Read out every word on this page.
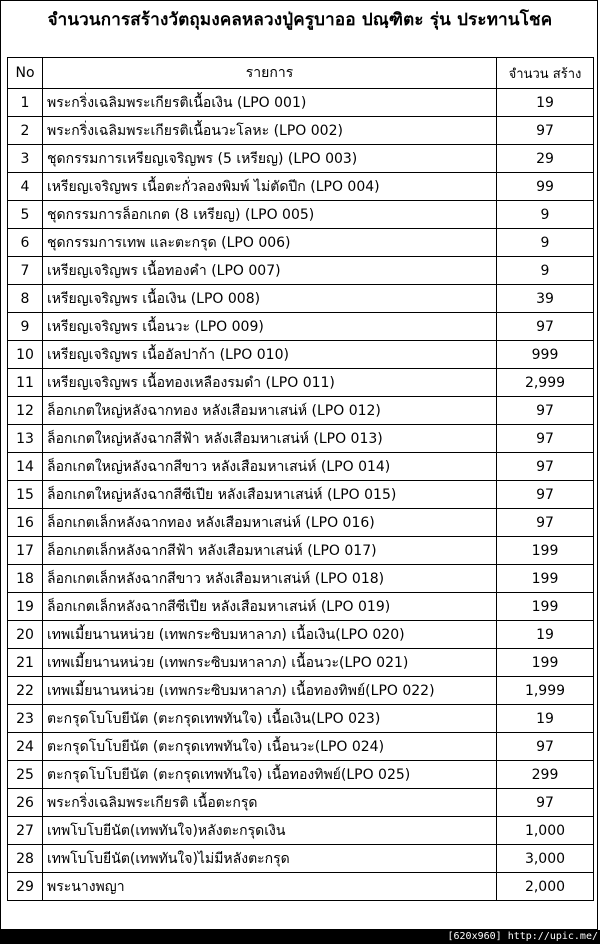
จำนวนการสร้างวัตถุมงคลหลวงปู่ครูบาออ ปณฺฑิตะ รุ่น ประทานโชค
No	รายการ	จำนวน สร้าง
1	พระกริ่งเฉลิมพระเกียรติเนื้อเงิน (LPO 001)	19
2	พระกริ่งเฉลิมพระเกียรติเนื้อนวะโลหะ (LPO 002)	97
3	ชุดกรรมการเหรียญเจริญพร (5 เหรียญ) (LPO 003)	29
4	เหรียญเจริญพร เนื้อตะกั่วลองพิมพ์ ไม่ตัดปีก (LPO 004)	99
5	ชุดกรรมการล็อกเกต (8 เหรียญ) (LPO 005)	9
6	ชุดกรรมการเทพ และตะกรุด (LPO 006)	9
7	เหรียญเจริญพร เนื้อทองคำ (LPO 007)	9
8	เหรียญเจริญพร เนื้อเงิน (LPO 008)	39
9	เหรียญเจริญพร เนื้อนวะ (LPO 009)	97
10	เหรียญเจริญพร เนื้ออัลปาก้า (LPO 010)	999
11	เหรียญเจริญพร เนื้อทองเหลืองรมดำ (LPO 011)	2,999
12	ล็อกเกตใหญ่หลังฉากทอง หลังเสือมหาเสน่ห์ (LPO 012)	97
13	ล็อกเกตใหญ่หลังฉากสีฟ้า หลังเสือมหาเสน่ห์ (LPO 013)	97
14	ล็อกเกตใหญ่หลังฉากสีขาว หลังเสือมหาเสน่ห์ (LPO 014)	97
15	ล็อกเกตใหญ่หลังฉากสีซีเปีย หลังเสือมหาเสน่ห์ (LPO 015)	97
16	ล็อกเกตเล็กหลังฉากทอง หลังเสือมหาเสน่ห์ (LPO 016)	97
17	ล็อกเกตเล็กหลังฉากสีฟ้า หลังเสือมหาเสน่ห์ (LPO 017)	199
18	ล็อกเกตเล็กหลังฉากสีขาว หลังเสือมหาเสน่ห์ (LPO 018)	199
19	ล็อกเกตเล็กหลังฉากสีซีเปีย หลังเสือมหาเสน่ห์ (LPO 019)	199
20	เทพเมี้ยนานหน่วย (เทพกระซิบมหาลาภ) เนื้อเงิน(LPO 020)	19
21	เทพเมี้ยนานหน่วย (เทพกระซิบมหาลาภ) เนื้อนวะ(LPO 021)	199
22	เทพเมี้ยนานหน่วย (เทพกระซิบมหาลาภ) เนื้อทองทิพย์(LPO 022)	1,999
23	ตะกรุดโบโบยีนัต (ตะกรุดเทพทันใจ) เนื้อเงิน(LPO 023)	19
24	ตะกรุดโบโบยีนัต (ตะกรุดเทพทันใจ) เนื้อนวะ(LPO 024)	97
25	ตะกรุดโบโบยีนัต (ตะกรุดเทพทันใจ) เนื้อทองทิพย์(LPO 025)	299
26	พระกริ่งเฉลิมพระเกียรติ เนื้อตะกรุด	97
27	เทพโบโบยีนัต(เทพทันใจ)หลังตะกรุดเงิน	1,000
28	เทพโบโบยีนัต(เทพทันใจ)ไม่มีหลังตะกรุด	3,000
29	พระนางพญา	2,000
[620x960] http://upic.me/
